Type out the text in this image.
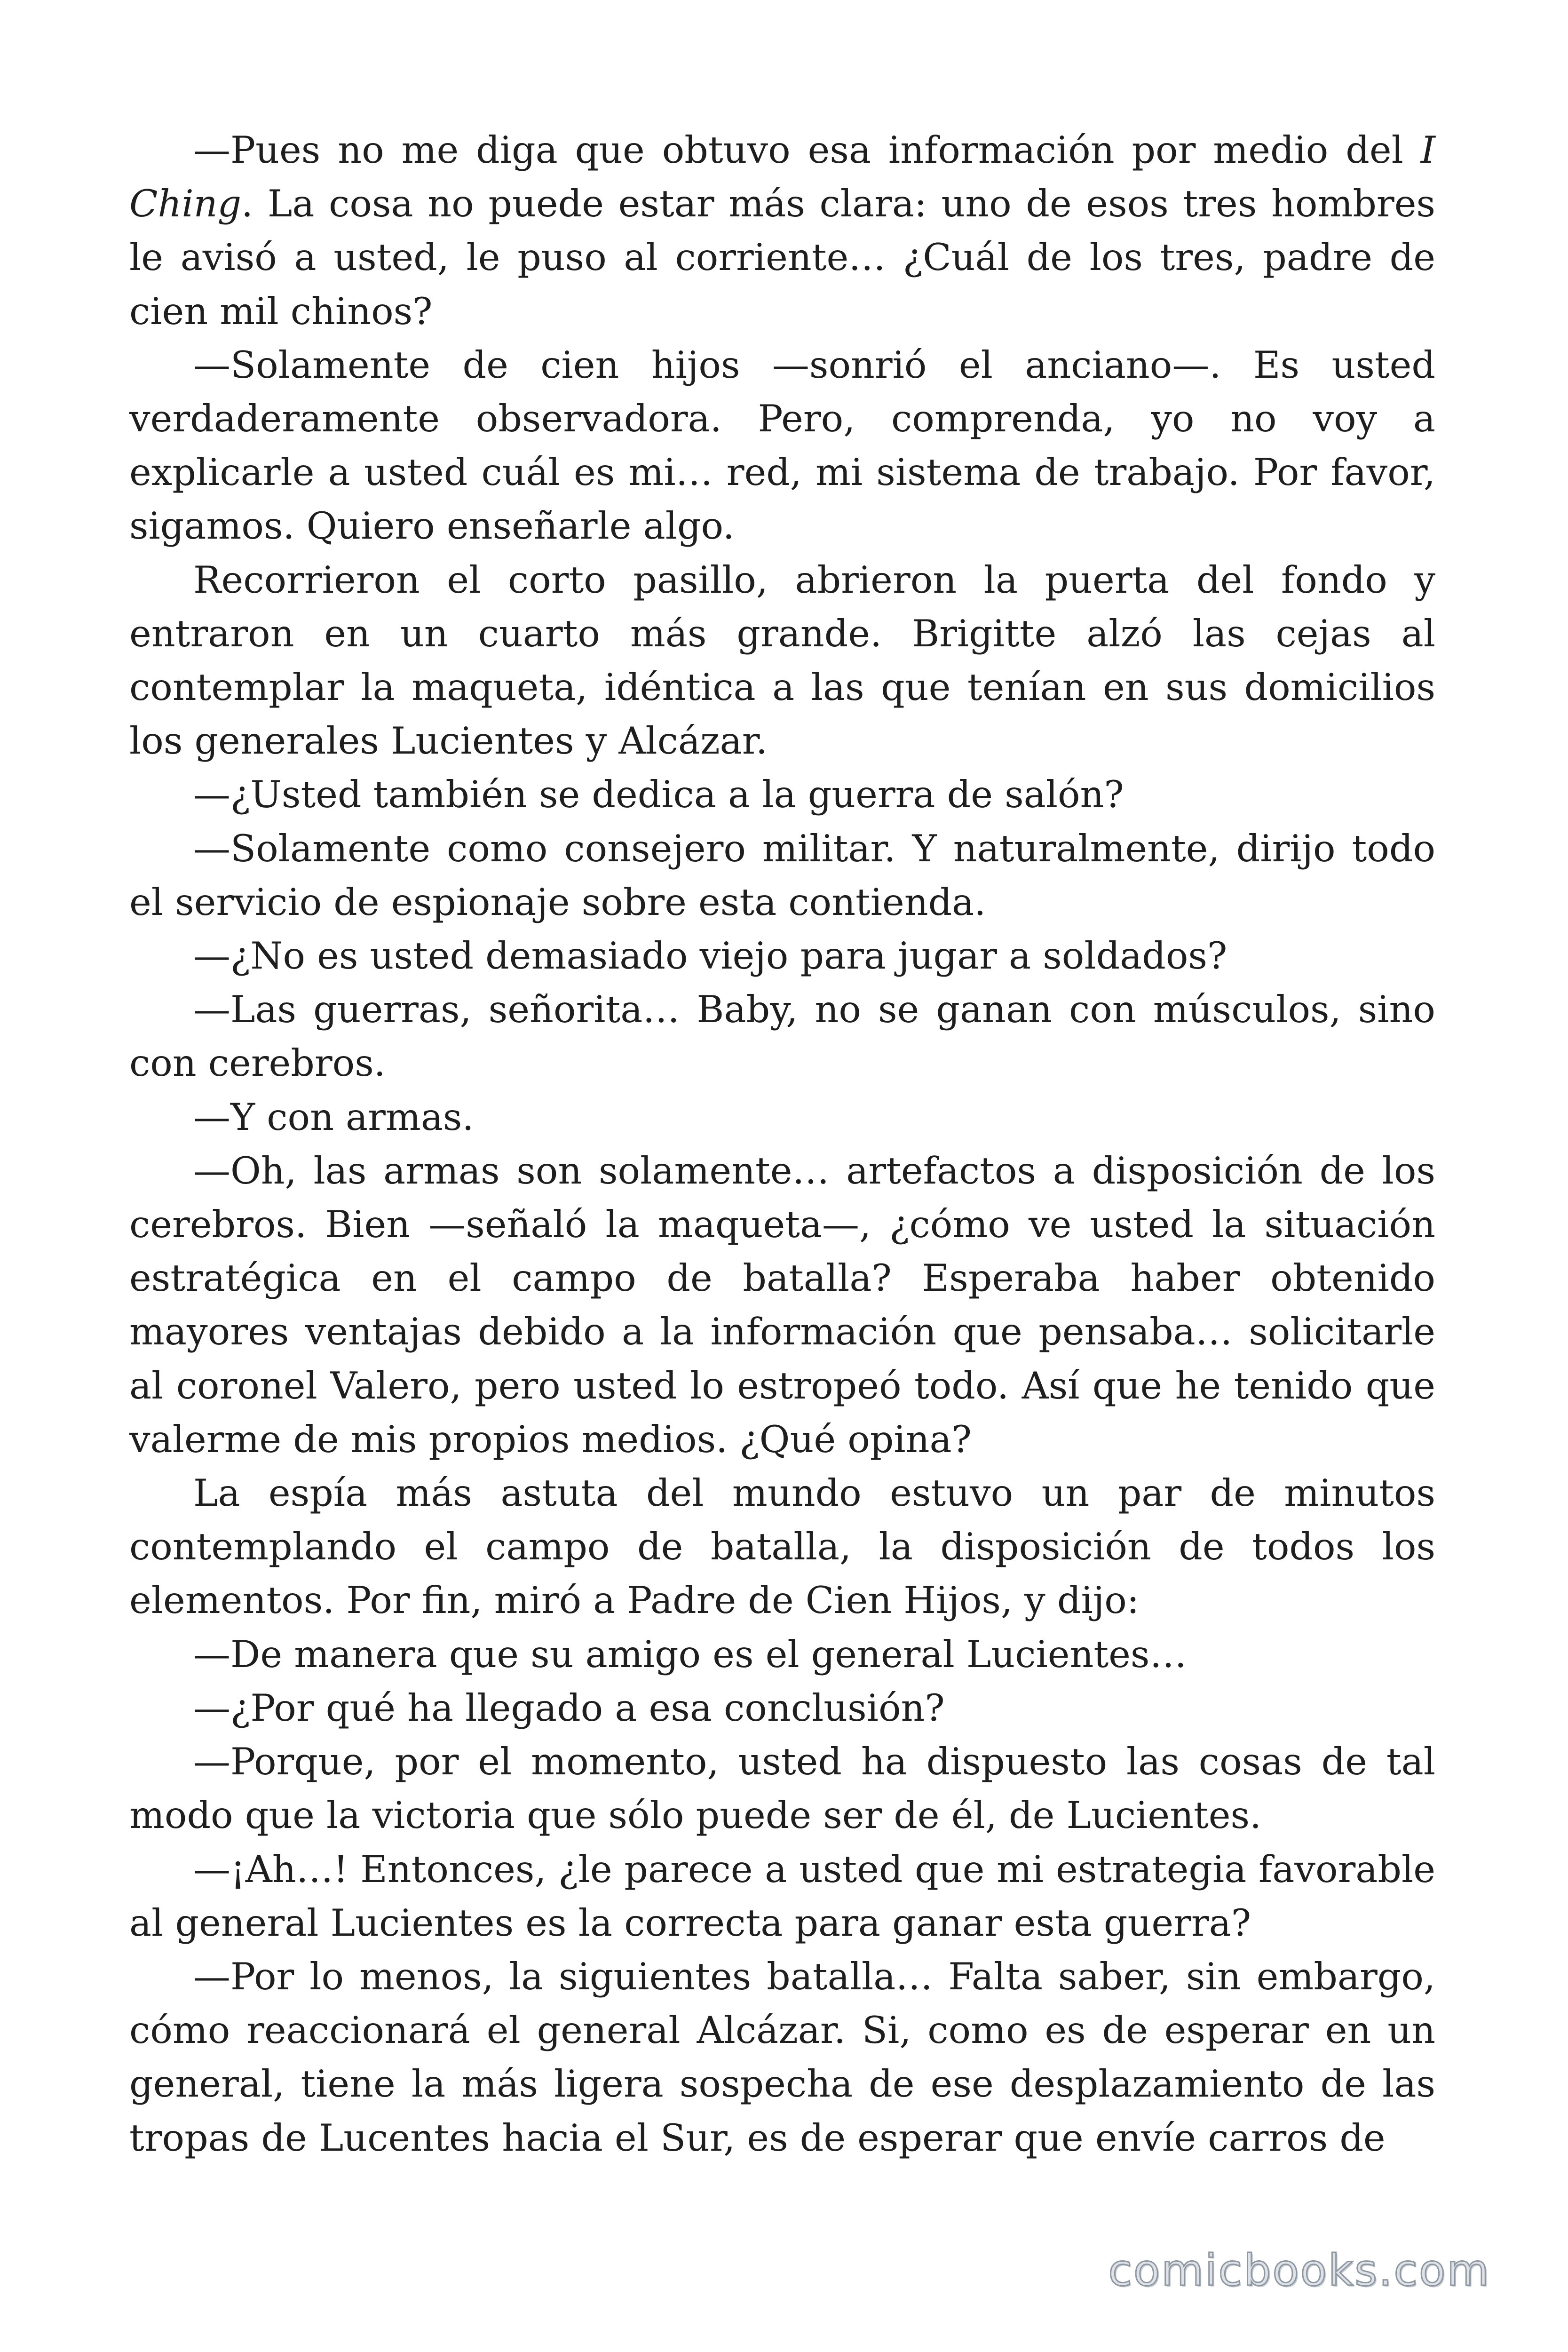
—Pues no me diga que obtuvo esa información por medio del I Ching. La cosa no puede estar más clara: uno de esos tres hombres le avisó a usted, le puso al corriente… ¿Cuál de los tres, padre de cien mil chinos?

—Solamente de cien hijos —sonrió el anciano—. Es usted verdaderamente observadora. Pero, comprenda, yo no voy a explicarle a usted cuál es mi… red, mi sistema de trabajo. Por favor, sigamos. Quiero enseñarle algo.

Recorrieron el corto pasillo, abrieron la puerta del fondo y entraron en un cuarto más grande. Brigitte alzó las cejas al contemplar la maqueta, idéntica a las que tenían en sus domicilios los generales Lucientes y Alcázar.

—¿Usted también se dedica a la guerra de salón?

—Solamente como consejero militar. Y naturalmente, dirijo todo el servicio de espionaje sobre esta contienda.

—¿No es usted demasiado viejo para jugar a soldados?

—Las guerras, señorita… Baby, no se ganan con músculos, sino con cerebros.

—Y con armas.

—Oh, las armas son solamente… artefactos a disposición de los cerebros. Bien —señaló la maqueta—, ¿cómo ve usted la situación estratégica en el campo de batalla? Esperaba haber obtenido mayores ventajas debido a la información que pensaba… solicitarle al coronel Valero, pero usted lo estropeó todo. Así que he tenido que valerme de mis propios medios. ¿Qué opina?

La espía más astuta del mundo estuvo un par de minutos contemplando el campo de batalla, la disposición de todos los elementos. Por fin, miró a Padre de Cien Hijos, y dijo:

—De manera que su amigo es el general Lucientes…

—¿Por qué ha llegado a esa conclusión?

—Porque, por el momento, usted ha dispuesto las cosas de tal modo que la victoria que sólo puede ser de él, de Lucientes.

—¡Ah…! Entonces, ¿le parece a usted que mi estrategia favorable al general Lucientes es la correcta para ganar esta guerra?

—Por lo menos, la siguientes batalla… Falta saber, sin embargo, cómo reaccionará el general Alcázar. Si, como es de esperar en un general, tiene la más ligera sospecha de ese desplazamiento de las tropas de Lucentes hacia el Sur, es de esperar que envíe carros de

comicbooks.com
